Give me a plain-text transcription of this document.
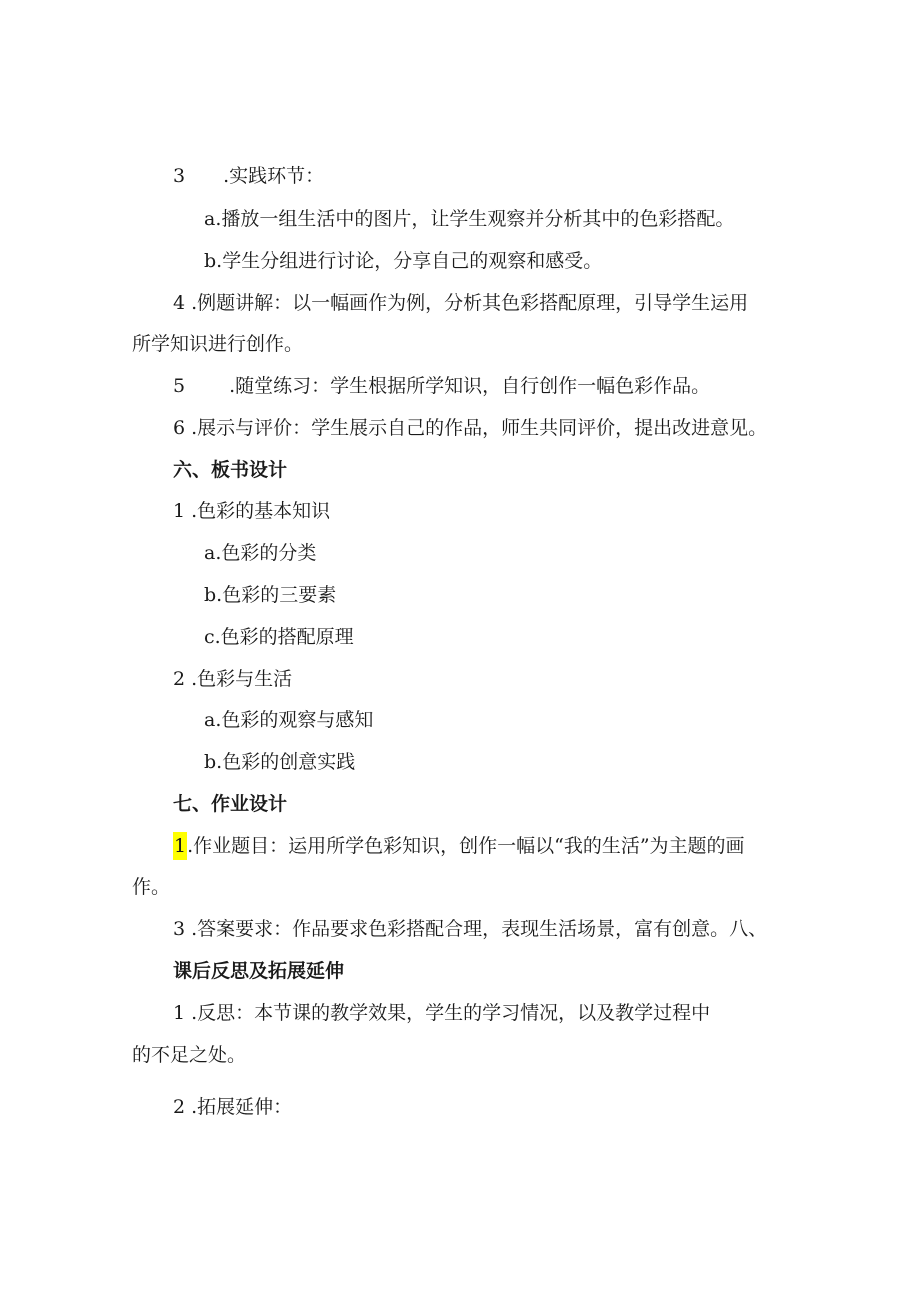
3 .实践环节：
a.播放一组生活中的图片，让学生观察并分析其中的色彩搭配。
b.学生分组进行讨论，分享自己的观察和感受。
4 .例题讲解：以一幅画作为例，分析其色彩搭配原理，引导学生运用
所学知识进行创作。
5 .随堂练习：学生根据所学知识，自行创作一幅色彩作品。
6 .展示与评价：学生展示自己的作品，师生共同评价，提出改进意见。
六、板书设计
1 .色彩的基本知识
a.色彩的分类
b.色彩的三要素
c.色彩的搭配原理
2 .色彩与生活
a.色彩的观察与感知
b.色彩的创意实践
七、作业设计
1.作业题目：运用所学色彩知识，创作一幅以“我的生活”为主题的画
作。
3 .答案要求：作品要求色彩搭配合理，表现生活场景，富有创意。八、
课后反思及拓展延伸
1 .反思：本节课的教学效果，学生的学习情况，以及教学过程中
的不足之处。
2 .拓展延伸：
